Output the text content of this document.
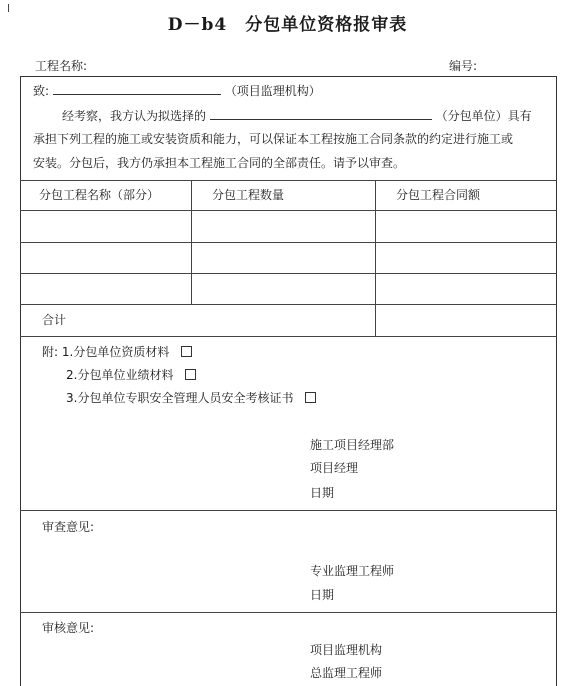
D－b4　分包单位资格报审表
工程名称:	编号:
致:	（项目监理机构）
经考察，我方认为拟选择的	（分包单位）具有
承担下列工程的施工或安装资质和能力，可以保证本工程按施工合同条款的约定进行施工或
安装。分包后，我方仍承担本工程施工合同的全部责任。请予以审查。
分包工程名称（部分）	分包工程数量	分包工程合同额
合计
附: 1.分包单位资质材料
2.分包单位业绩材料
3.分包单位专职安全管理人员安全考核证书
施工项目经理部
项目经理
日期
审查意见:
专业监理工程师
日期
审核意见:
项目监理机构
总监理工程师
